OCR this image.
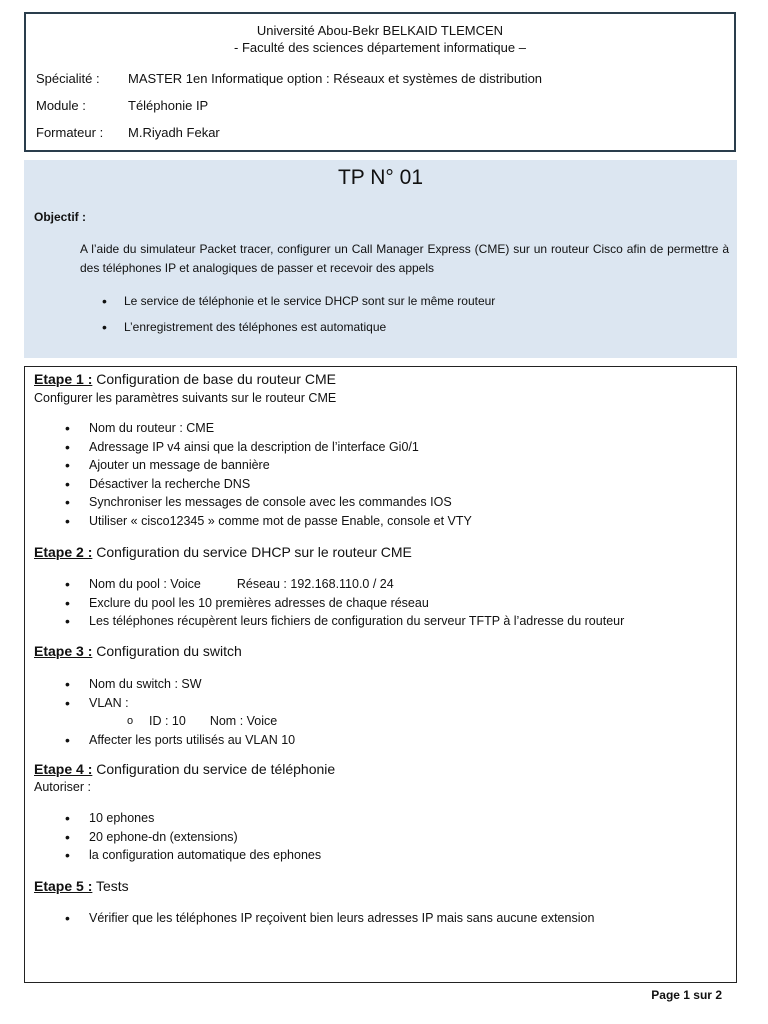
Université Abou-Bekr BELKAID TLEMCEN
- Faculté des sciences département informatique –
Spécialité : MASTER 1en Informatique option : Réseaux et systèmes de distribution
Module :	Téléphonie IP
Formateur : M.Riyadh Fekar
TP N° 01
Objectif :
A l’aide du simulateur Packet tracer, configurer un Call Manager Express (CME) sur un routeur Cisco afin de permettre à des téléphones IP et analogiques de passer et recevoir des appels
• Le service de téléphonie et le service DHCP sont sur le même routeur
• L’enregistrement des téléphones est automatique
Etape 1 : Configuration de base du routeur CME
Configurer les paramètres suivants sur le routeur CME
• Nom du routeur : CME
• Adressage IP v4 ainsi que la description de l’interface Gi0/1
• Ajouter un message de bannière
• Désactiver la recherche DNS
• Synchroniser les messages de console avec les commandes IOS
• Utiliser « cisco12345 » comme mot de passe Enable, console et VTY
Etape 2 : Configuration du service DHCP sur le routeur CME
• Nom du pool : Voice	Réseau : 192.168.110.0 / 24
• Exclure du pool les 10 premières adresses de chaque réseau
• Les téléphones récupèrent leurs fichiers de configuration du serveur TFTP à l’adresse du routeur
Etape 3 : Configuration du switch
• Nom du switch : SW
• VLAN :
o ID : 10 Nom : Voice
• Affecter les ports utilisés au VLAN 10
Etape 4 : Configuration du service de téléphonie
Autoriser :
• 10 ephones
• 20 ephone-dn (extensions)
• la configuration automatique des ephones
Etape 5 : Tests
• Vérifier que les téléphones IP reçoivent bien leurs adresses IP mais sans aucune extension
Page 1 sur 2
